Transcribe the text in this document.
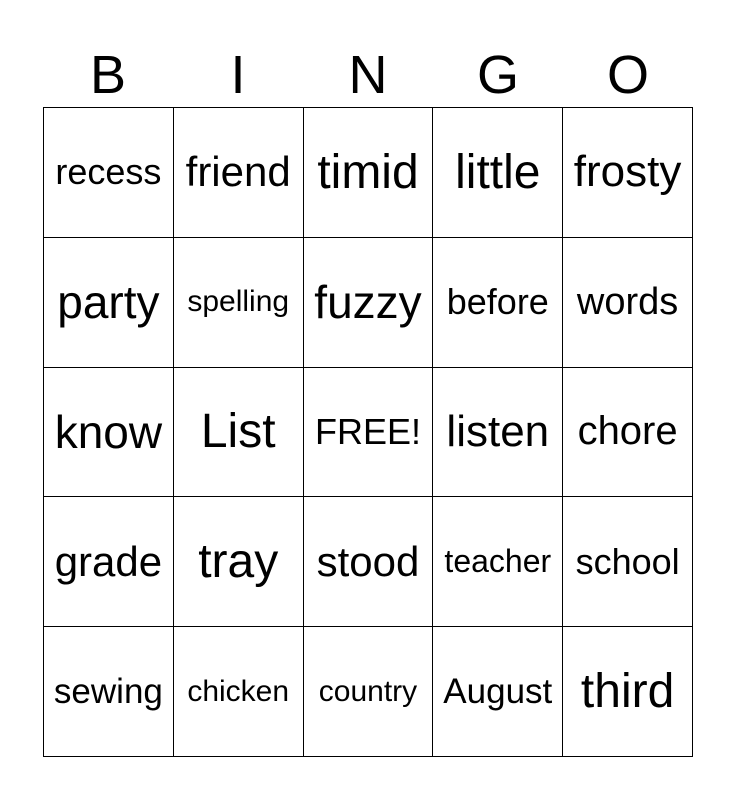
B	I	N	G	O
recess friend timid little frosty
party spelling fuzzy before words
know List FREE! listen chore
grade tray stood teacher school
sewing chicken country August third
